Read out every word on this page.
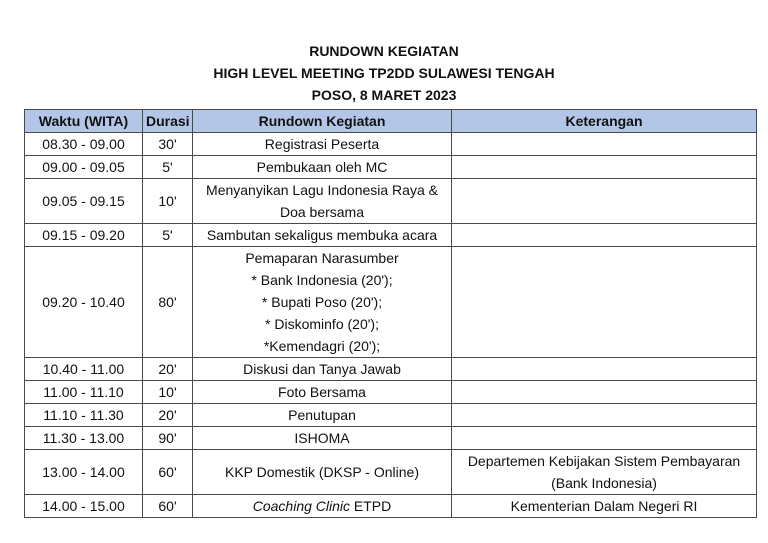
RUNDOWN KEGIATAN
HIGH LEVEL MEETING TP2DD SULAWESI TENGAH
POSO, 8 MARET 2023
Waktu (WITA)	Durasi	Rundown Kegiatan	Keterangan
08.30 - 09.00	30'	Registrasi Peserta	

09.00 - 09.05	5'	Pembukaan oleh MC	

09.05 - 09.15	10'	Menyanyikan Lagu Indonesia Raya &
Doa bersama	

09.15 - 09.20	5'	Sambutan sekaligus membuka acara	

09.20 - 10.40	80'	Pemaparan Narasumber
* Bank Indonesia (20');
* Bupati Poso (20');
* Diskominfo (20');
*Kemendagri (20');	

10.40 - 11.00	20'	Diskusi dan Tanya Jawab	

11.00 - 11.10	10'	Foto Bersama	

11.10 - 11.30	20'	Penutupan	

11.30 - 13.00	90'	ISHOMA	

13.00 - 14.00	60'	KKP Domestik (DKSP - Online)	Departemen Kebijakan Sistem Pembayaran
(Bank Indonesia)

14.00 - 15.00	60'	Coaching Clinic ETPD	Kementerian Dalam Negeri RI
